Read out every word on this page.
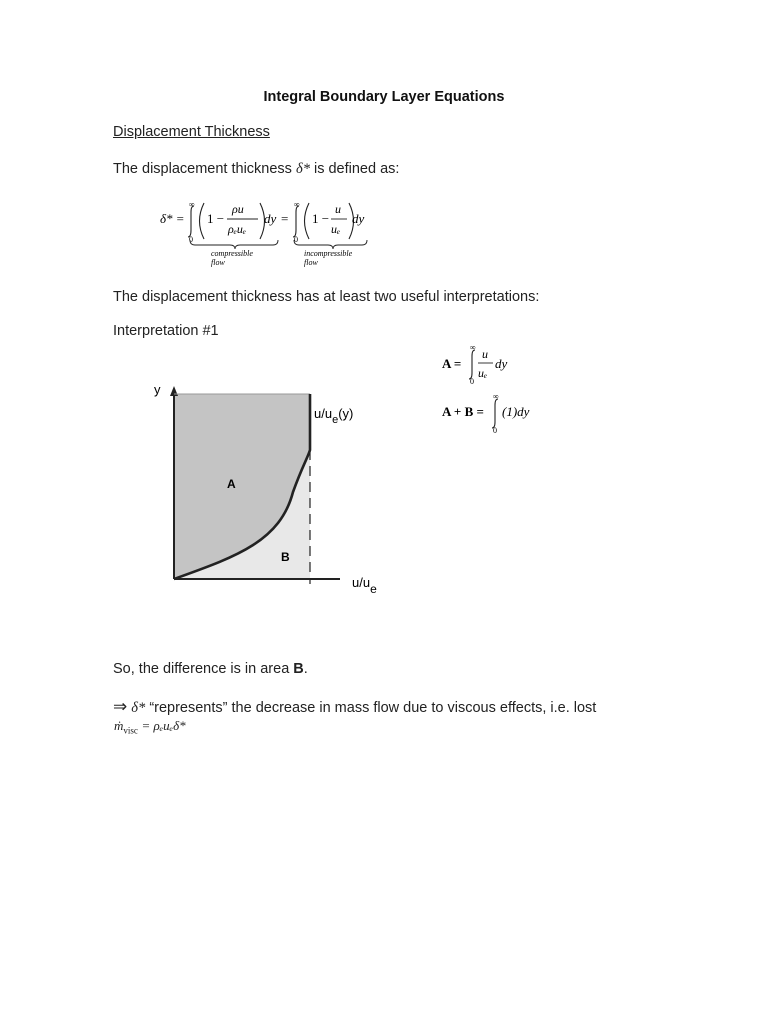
Integral Boundary Layer Equations
Displacement Thickness
The displacement thickness δ* is defined as:
δ* =
∞
0
1 −
ρu
ρₑuₑ
dy =
∞
0
1 −
u
uₑ
dy
compressible
flow
incompressible
flow
The displacement thickness has at least two useful interpretations:
Interpretation #1
A =
∞
0
u
uₑ
dy
A + B =
∞
0
(1)dy
y
$u/u_e(y)$
u/ue
A
B
So, the difference is in area B.
⇒ δ* “represents” the decrease in mass flow due to viscous effects, i.e. lost
ṁ$_{visc}$ = ρₑuₑδ*
